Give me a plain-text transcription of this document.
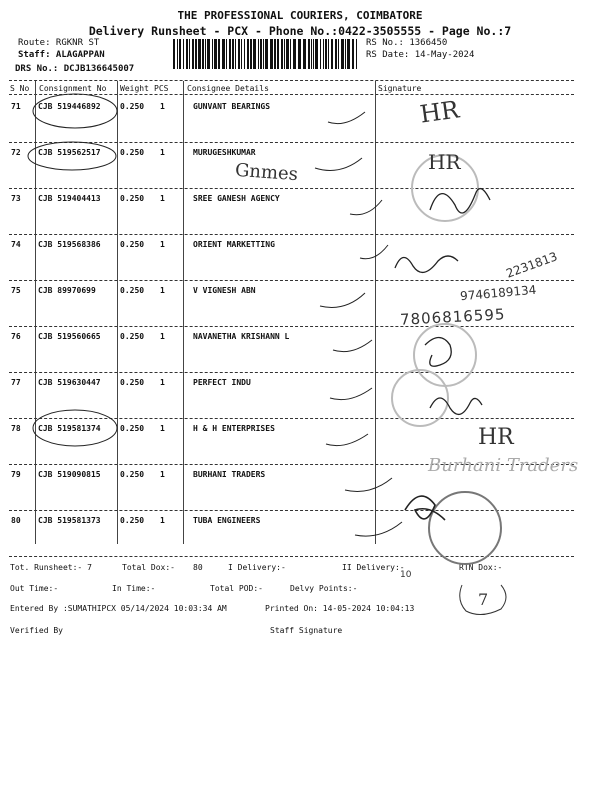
THE PROFESSIONAL COURIERS, COIMBATORE
Delivery Runsheet - PCX - Phone No.:0422-3505555 - Page No.:7
Route: RGKNR ST
Staff: ALAGAPPAN
DRS No.: DCJB136645007
RS No.: 1366450
RS Date: 14-May-2024
S No Consignment No Weight PCS Consignee Details	Signature
71 CJB 519446892 0.250 1	GUNVANT BEARINGS
72 CJB 519562517 0.250 1	MURUGESHKUMAR
73 CJB 519404413 0.250 1	SREE GANESH AGENCY
74 CJB 519568386 0.250 1	ORIENT MARKETTING
75 CJB 89970699	0.250 1	V VIGNESH ABN
76 CJB 519560665 0.250 1	NAVANETHA KRISHANN L
77 CJB 519630447 0.250 1	PERFECT INDU
78 CJB 519581374 0.250 1	H & H ENTERPRISES
79 CJB 519090815 0.250 1	BURHANI TRADERS
80 CJB 519581373 0.250 1	TUBA ENGINEERS
Tot. Runsheet:- 7	Total Dox:- 80	I Delivery:-	II Delivery:-	RTN Dox:-
Out Time:-	In Time:-	Total POD:-	Delvy Points:-
Entered By :SUMATHIPCX 05/14/2024 10:03:34 AM	Printed On: 14-05-2024 10:04:13
Verified By	Staff Signature
HR
Gnmes	HR
2231813
9746189134
7806816595
HR
Burhani Traders
10
7
